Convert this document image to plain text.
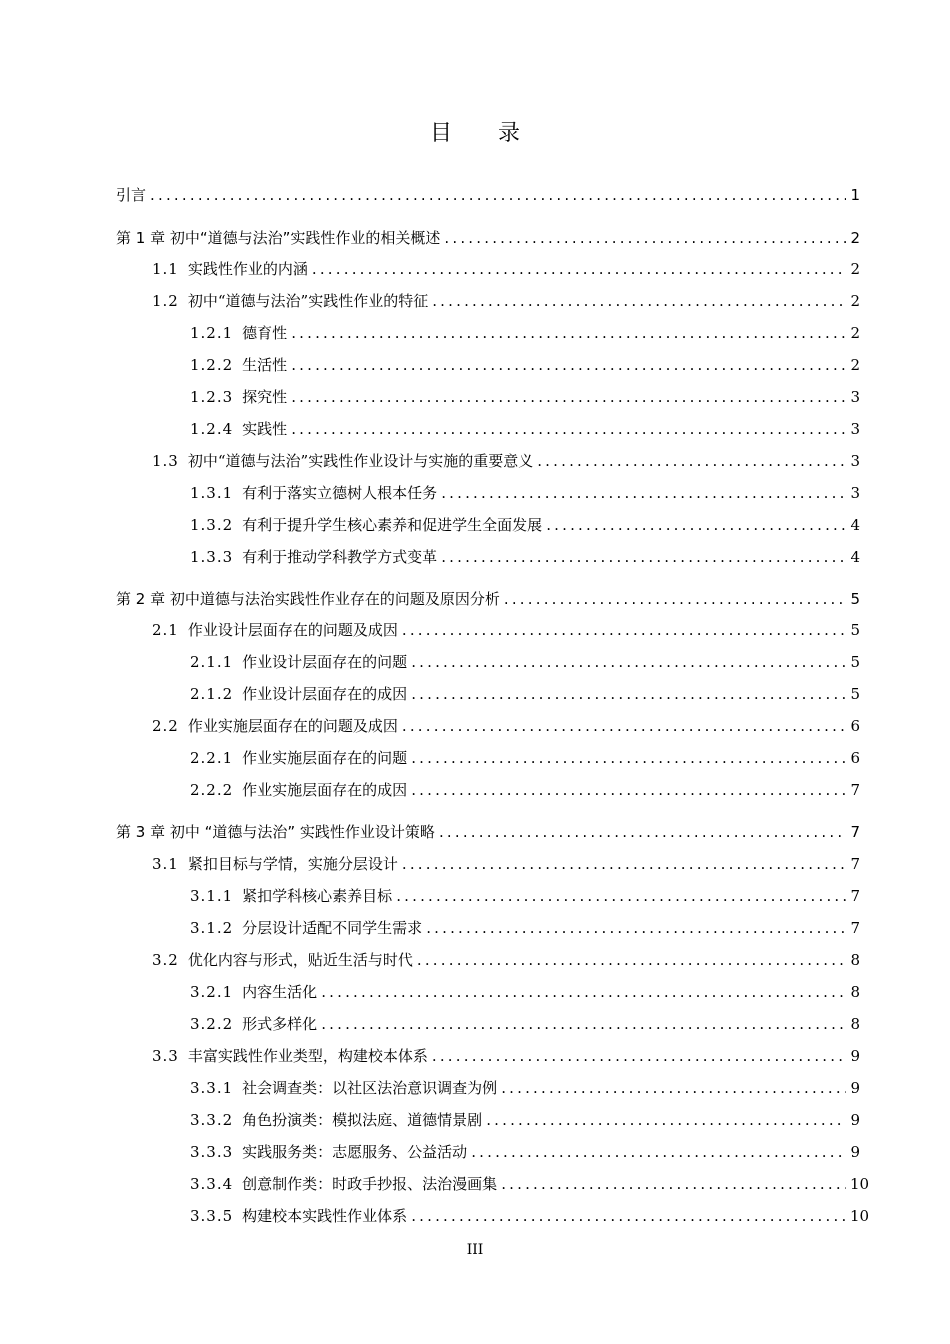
目录
引言 .....	1
第 1 章 初中“道德与法治”实践性作业的相关概述 .....	2
1.1 实践性作业的内涵 .....	2
1.2 初中“道德与法治”实践性作业的特征 .....	2
1.2.1 德育性 .....	2
1.2.2 生活性 .....	2
1.2.3 探究性 .....	3
1.2.4 实践性 .....	3
1.3 初中“道德与法治”实践性作业设计与实施的重要意义 .....	3
1.3.1 有利于落实立德树人根本任务 .....	3
1.3.2 有利于提升学生核心素养和促进学生全面发展 .....	4
1.3.3 有利于推动学科教学方式变革 .....	4
第 2 章 初中道德与法治实践性作业存在的问题及原因分析 .....	5
2.1 作业设计层面存在的问题及成因 .....	5
2.1.1 作业设计层面存在的问题 .....	5
2.1.2 作业设计层面存在的成因 .....	5
2.2 作业实施层面存在的问题及成因 .....	6
2.2.1 作业实施层面存在的问题 .....	6
2.2.2 作业实施层面存在的成因 .....	7
第 3 章 初中 “道德与法治” 实践性作业设计策略 .....	7
3.1 紧扣目标与学情，实施分层设计 .....	7
3.1.1 紧扣学科核心素养目标 .....	7
3.1.2 分层设计适配不同学生需求 .....	7
3.2 优化内容与形式，贴近生活与时代 .....	8
3.2.1 内容生活化 .....	8
3.2.2 形式多样化 .....	8
3.3 丰富实践性作业类型，构建校本体系 .....	9
3.3.1 社会调查类：以社区法治意识调查为例 .....	9
3.3.2 角色扮演类：模拟法庭、道德情景剧 .....	9
3.3.3 实践服务类：志愿服务、公益活动 .....	9
3.3.4 创意制作类：时政手抄报、法治漫画集 .....	10
3.3.5 构建校本实践性作业体系 .....	10
III
